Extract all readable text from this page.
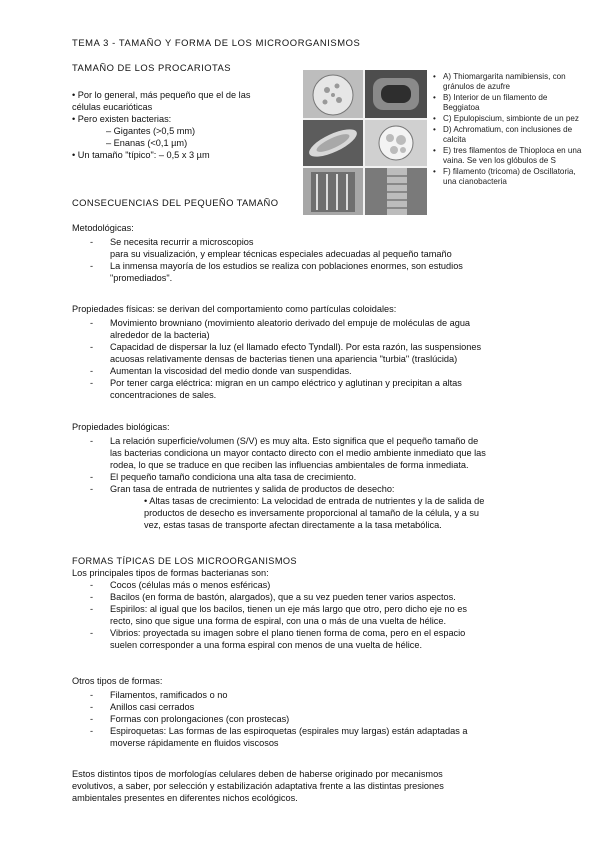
TEMA 3 - TAMAÑO Y FORMA DE LOS MICROORGANISMOS

TAMAÑO DE LOS PROCARIOTAS

• Por lo general, más pequeño que el de las

células eucarióticas

• Pero existen bacterias:

– Gigantes (>0,5 mm)

– Enanas (<0,1 µm)

• Un tamaño "típico": – 0,5 x 3 µm

• A) Thiomargarita namibiensis, con gránulos de azufre

• B) Interior de un filamento de Beggiatoa

• C) Epulopiscium, simbionte de un pez

• D) Achromatium, con inclusiones de calcita

• E) tres filamentos de Thioploca en una vaina. Se ven los glóbulos de S

• F) filamento (tricoma) de Oscillatoria, una cianobacteria

CONSECUENCIAS DEL PEQUEÑO TAMAÑO

Metodológicas:

- Se necesita recurrir a microscopios
para su visualización, y emplear técnicas especiales adecuadas al pequeño tamaño
- La inmensa mayoría de los estudios se realiza con poblaciones enormes, son estudios
"promediados".

Propiedades físicas: se derivan del comportamiento como partículas coloidales:

- Movimiento browniano (movimiento aleatorio derivado del empuje de moléculas de agua
alrededor de la bacteria)
- Capacidad de dispersar la luz (el llamado efecto Tyndall). Por esta razón, las suspensiones
acuosas relativamente densas de bacterias tienen una apariencia "turbia" (traslúcida)
- Aumentan la viscosidad del medio donde van suspendidas.
- Por tener carga eléctrica: migran en un campo eléctrico y aglutinan y precipitan a altas
concentraciones de sales.

Propiedades biológicas:

- La relación superficie/volumen (S/V) es muy alta. Esto significa que el pequeño tamaño de
las bacterias condiciona un mayor contacto directo con el medio ambiente inmediato que las
rodea, lo que se traduce en que reciben las influencias ambientales de forma inmediata.
- El pequeño tamaño condiciona una alta tasa de crecimiento.
- Gran tasa de entrada de nutrientes y salida de productos de desecho:

• Altas tasas de crecimiento: La velocidad de entrada de nutrientes y la de salida de

productos de desecho es inversamente proporcional al tamaño de la célula, y a su

vez, estas tasas de transporte afectan directamente a la tasa metabólica.

FORMAS TÍPICAS DE LOS MICROORGANISMOS

Los principales tipos de formas bacterianas son:

- Cocos (células más o menos esféricas)
- Bacilos (en forma de bastón, alargados), que a su vez pueden tener varios aspectos.
- Espirilos: al igual que los bacilos, tienen un eje más largo que otro, pero dicho eje no es
recto, sino que sigue una forma de espiral, con una o más de una vuelta de hélice.
- Vibrios: proyectada su imagen sobre el plano tienen forma de coma, pero en el espacio
suelen corresponder a una forma espiral con menos de una vuelta de hélice.

Otros tipos de formas:

- Filamentos, ramificados o no
- Anillos casi cerrados
- Formas con prolongaciones (con prostecas)
- Espiroquetas: Las formas de las espiroquetas (espirales muy largas) están adaptadas a
moverse rápidamente en fluidos viscosos

Estos distintos tipos de morfologías celulares deben de haberse originado por mecanismos

evolutivos, a saber, por selección y estabilización adaptativa frente a las distintas presiones

ambientales presentes en diferentes nichos ecológicos.
